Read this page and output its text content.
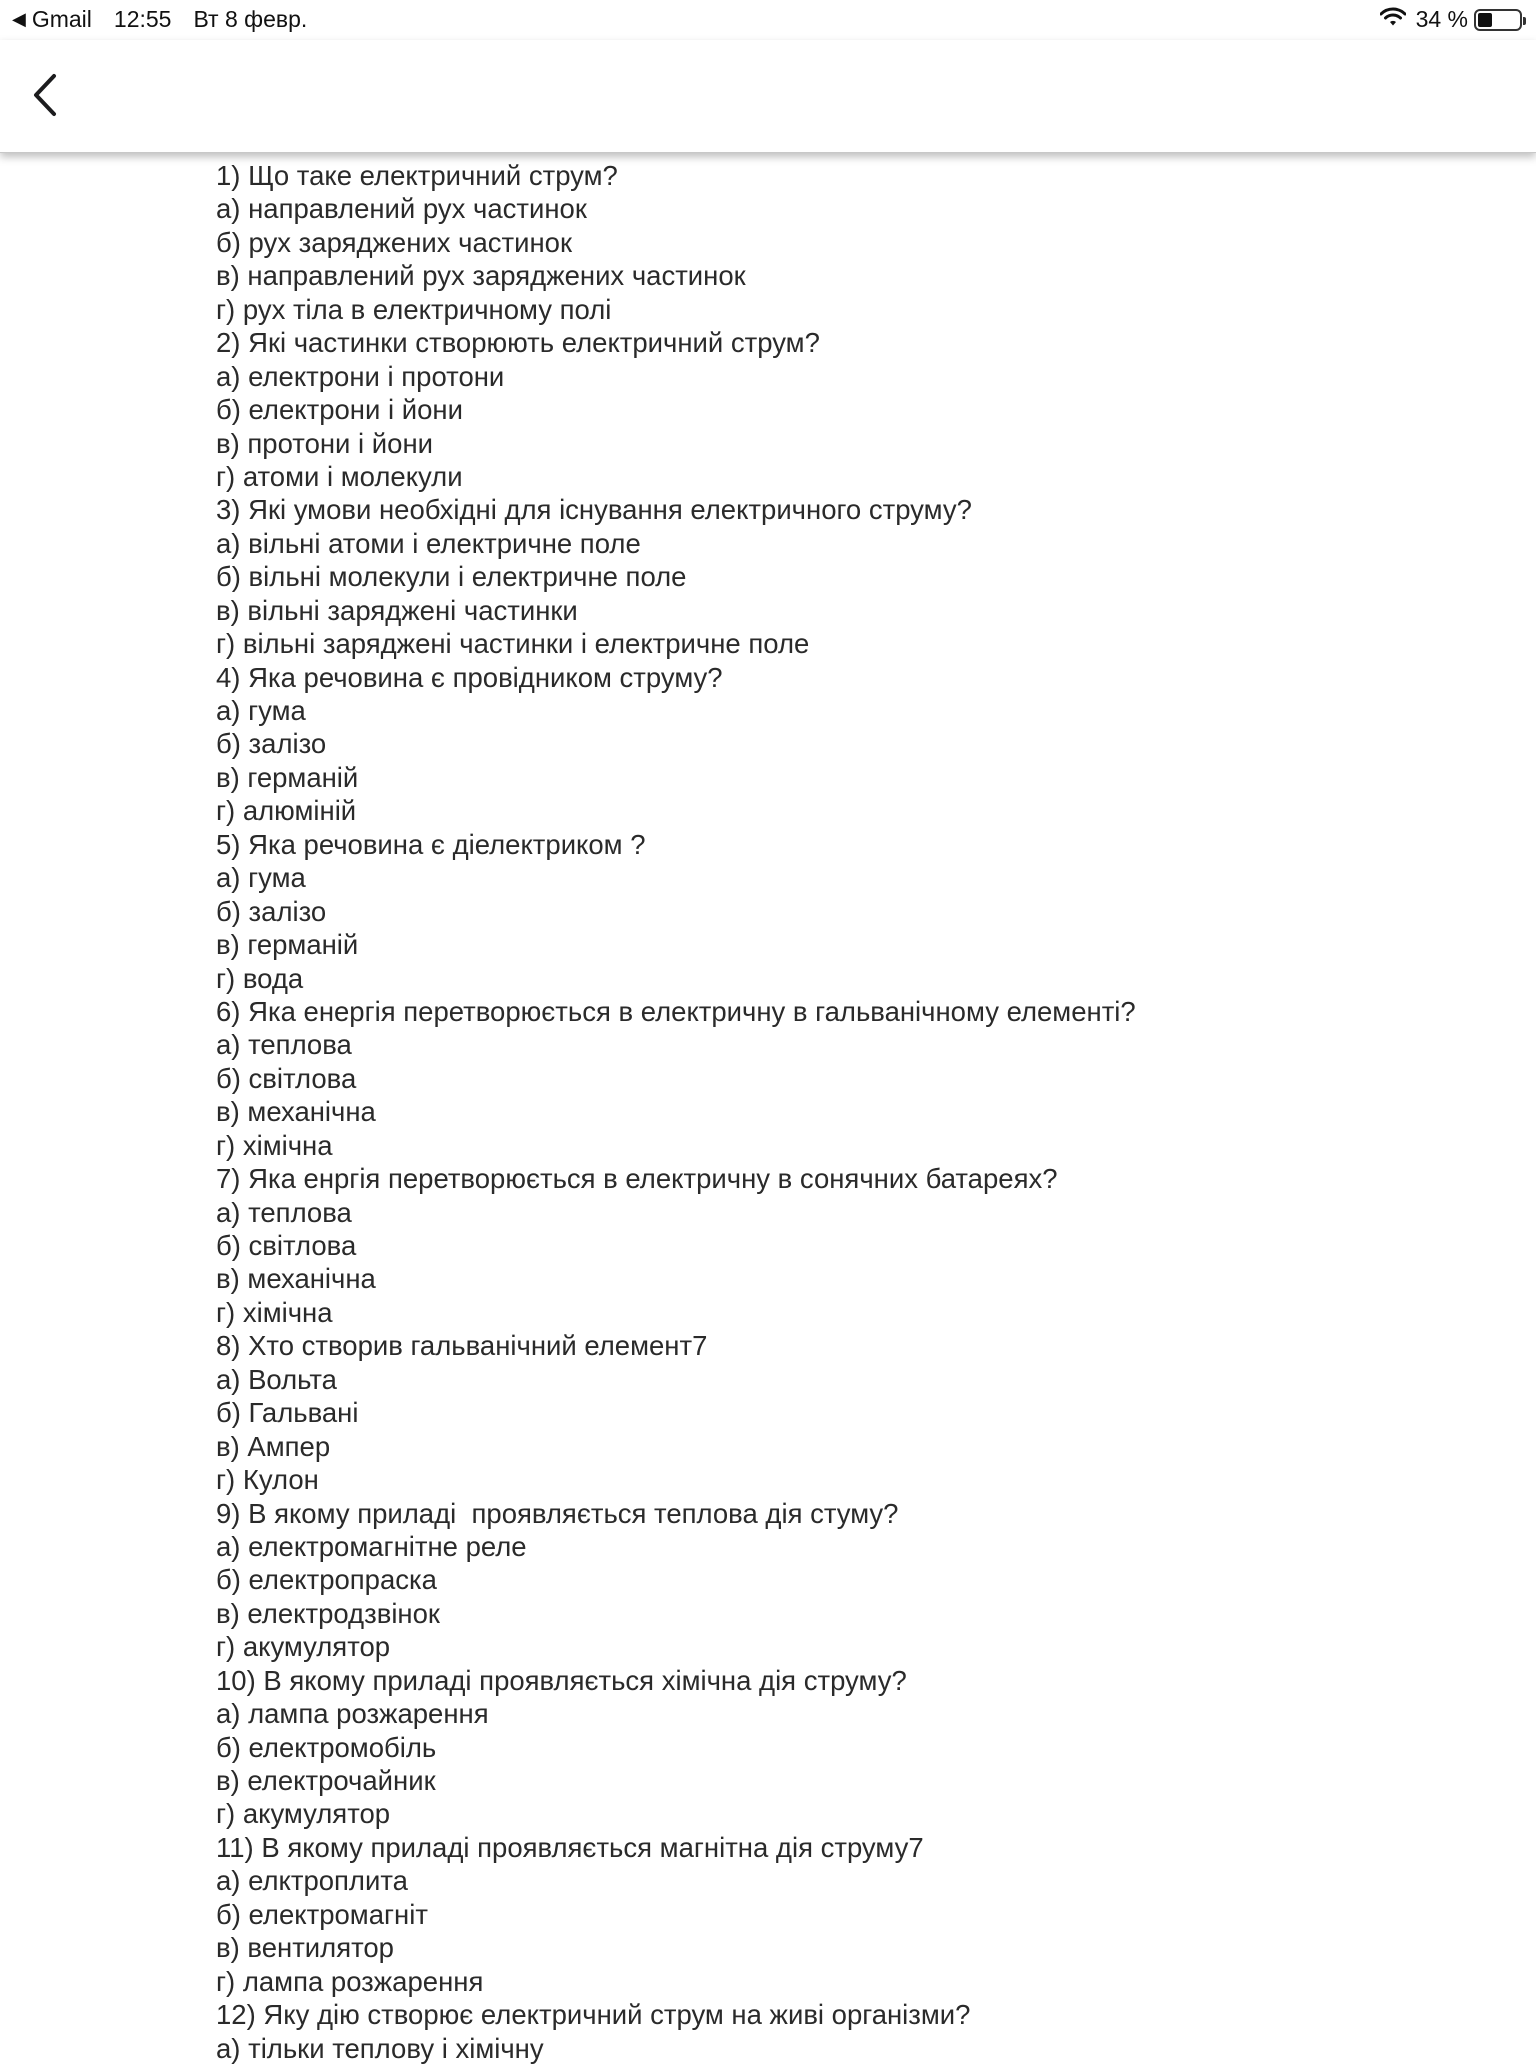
◀ Gmail 12:55 Вт 8 февр.	34 %
1) Що таке електричний струм?
а) направлений рух частинок
б) рух заряджених частинок
в) направлений рух заряджених частинок
г) рух тіла в електричному полі
2) Які частинки створюють електричний струм?
а) електрони і протони
б) електрони і йони
в) протони і йони
г) атоми і молекули
3) Які умови необхідні для існування електричного струму?
а) вільні атоми і електричне поле
б) вільні молекули і електричне поле
в) вільні заряджені частинки
г) вільні заряджені частинки і електричне поле
4) Яка речовина є провідником струму?
а) гума
б) залізо
в) германій
г) алюміній
5) Яка речовина є діелектриком ?
а) гума
б) залізо
в) германій
г) вода
6) Яка енергія перетворюється в електричну в гальванічному елементі?
а) теплова
б) світлова
в) механічна
г) хімічна
7) Яка енргія перетворюється в електричну в сонячних батареях?
а) теплова
б) світлова
в) механічна
г) хімічна
8) Хто створив гальванічний елемент7
а) Вольта
б) Гальвані
в) Ампер
г) Кулон
9) В якому приладі  проявляється теплова дія стуму?
а) електромагнітне реле
б) електропраска
в) електродзвінок
г) акумулятор
10) В якому приладі проявляється хімічна дія струму?
а) лампа розжарення
б) електромобіль
в) електрочайник
г) акумулятор
11) В якому приладі проявляється магнітна дія струму7
а) елктроплита
б) електромагніт
в) вентилятор
г) лампа розжарення
12) Яку дію створює електричний струм на живі організми?
а) тільки теплову і хімічну
